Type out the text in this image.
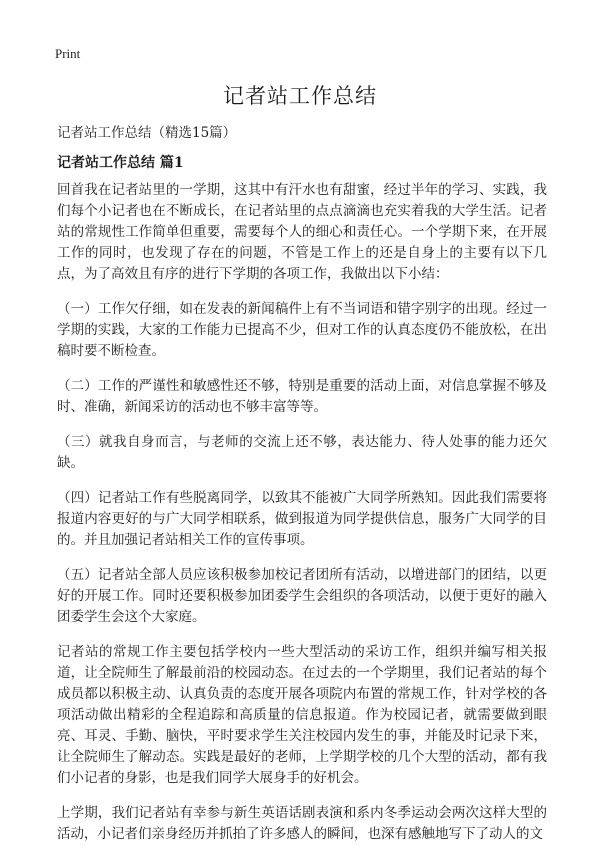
Print
记者站工作总结
记者站工作总结（精选15篇）
记者站工作总结 篇1

回首我在记者站里的一学期，这其中有汗水也有甜蜜，经过半年的学习、实践，我们每个小记者也在不断成长，在记者站里的点点滴滴也充实着我的大学生活。记者站的常规性工作简单但重要，需要每个人的细心和责任心。一个学期下来，在开展工作的同时，也发现了存在的问题，不管是工作上的还是自身上的主要有以下几点，为了高效且有序的进行下学期的各项工作，我做出以下小结：

（一）工作欠仔细，如在发表的新闻稿件上有不当词语和错字别字的出现。经过一学期的实践，大家的工作能力已提高不少，但对工作的认真态度仍不能放松，在出稿时要不断检查。

（二）工作的严谨性和敏感性还不够，特别是重要的活动上面，对信息掌握不够及时、准确，新闻采访的活动也不够丰富等等。

（三）就我自身而言，与老师的交流上还不够，表达能力、待人处事的能力还欠缺。

（四）记者站工作有些脱离同学，以致其不能被广大同学所熟知。因此我们需要将报道内容更好的与广大同学相联系，做到报道为同学提供信息，服务广大同学的目的。并且加强记者站相关工作的宣传事项。

（五）记者站全部人员应该积极参加校记者团所有活动，以增进部门的团结，以更好的开展工作。同时还要积极参加团委学生会组织的各项活动，以便于更好的融入团委学生会这个大家庭。

记者站的常规工作主要包括学校内一些大型活动的采访工作，组织并编写相关报道，让全院师生了解最前沿的校园动态。在过去的一个学期里，我们记者站的每个成员都以积极主动、认真负责的态度开展各项院内布置的常规工作，针对学校的各项活动做出精彩的全程追踪和高质量的信息报道。作为校园记者，就需要做到眼亮、耳灵、手勤、脑快，平时要求学生关注校园内发生的事，并能及时记录下来，让全院师生了解动态。实践是最好的老师，上学期学校的几个大型的活动，都有我们小记者的身影，也是我们同学大展身手的好机会。

上学期，我们记者站有幸参与新生英语话剧表演和系内冬季运动会两次这样大型的活动，小记者们亲身经历并抓拍了许多感人的瞬间，也深有感触地写下了动人的文
